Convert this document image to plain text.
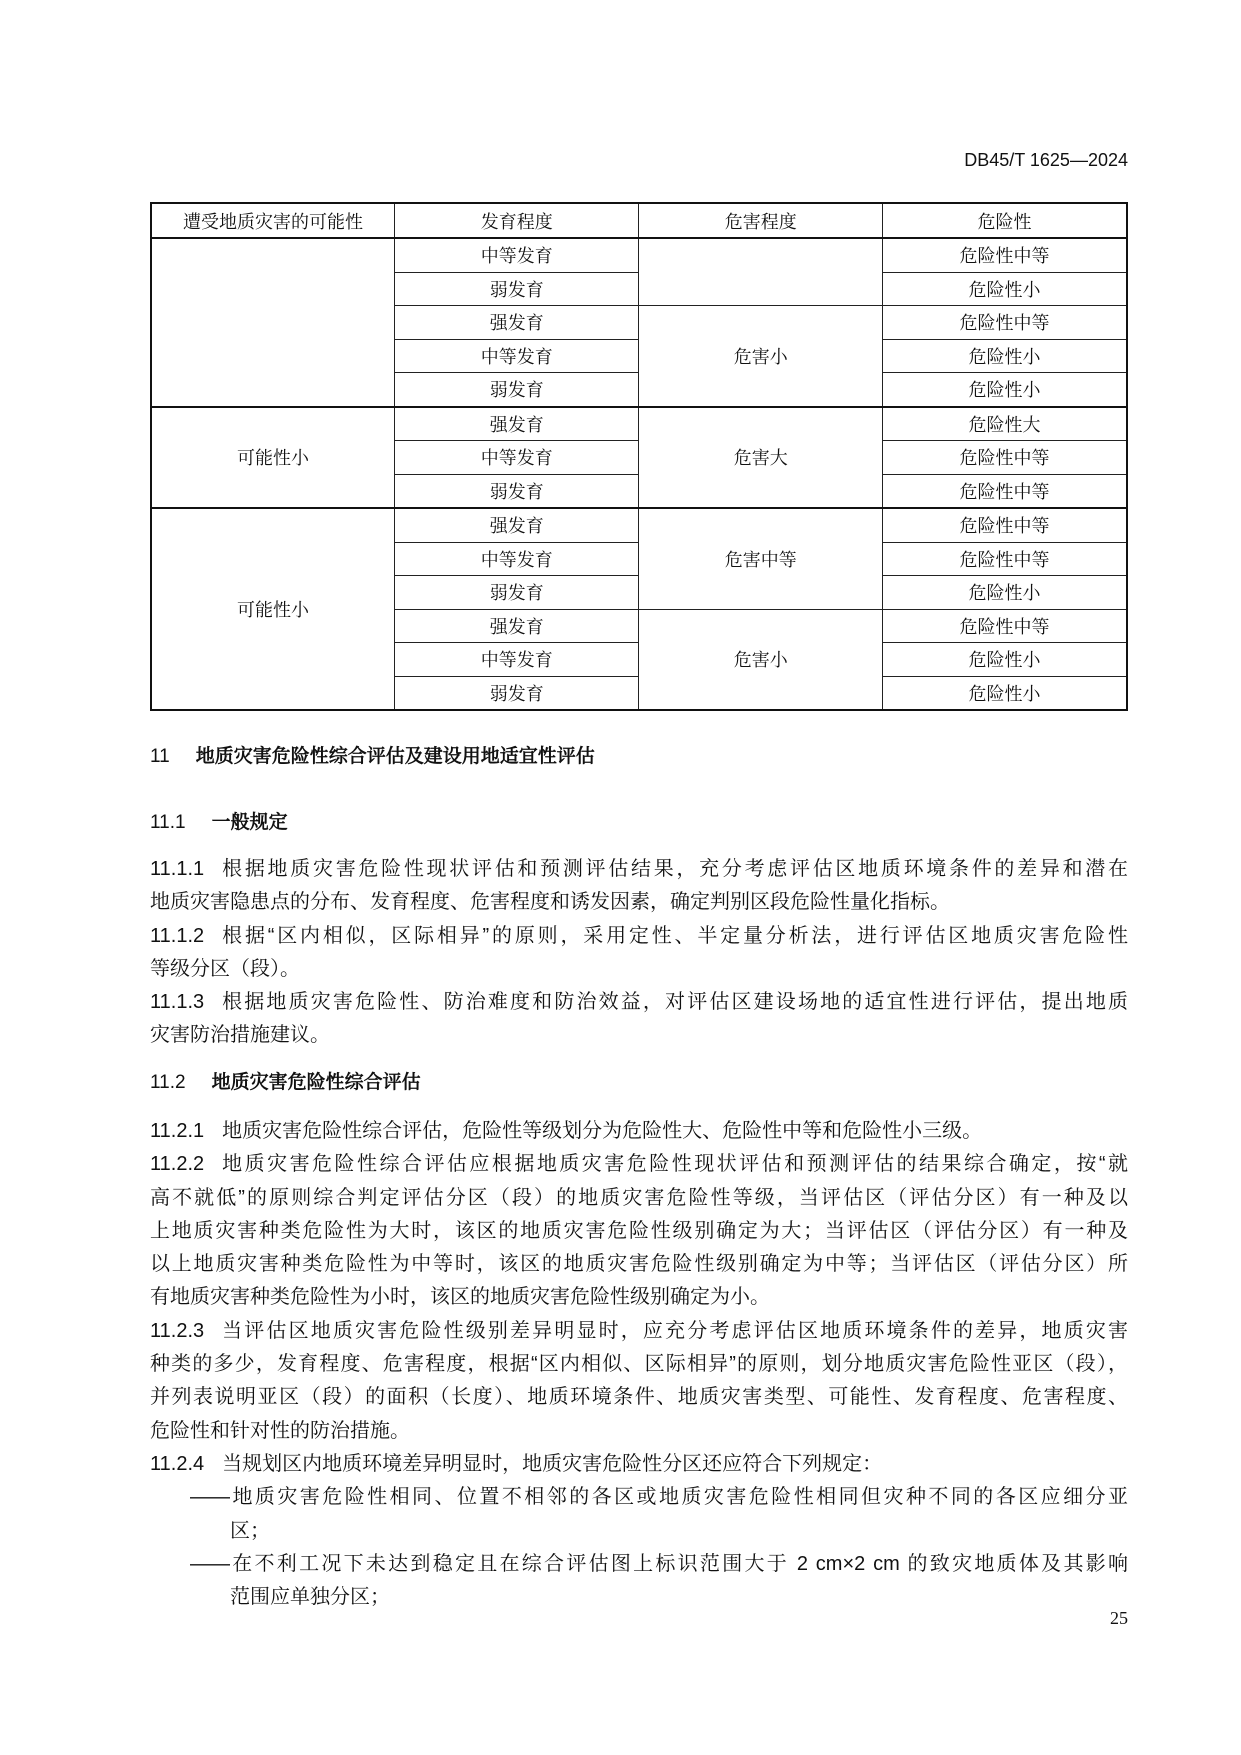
DB45/T 1625—2024
遭受地质灾害的可能性	发育程度	危害程度	危险性
	中等发育		危险性中等
	弱发育		危险性小
	强发育	危害小	危险性中等
	中等发育		危险性小
	弱发育		危险性小
可能性小	强发育	危害大	危险性大
	中等发育		危险性中等
	弱发育		危险性中等
可能性小	强发育	危害中等	危险性中等
	中等发育		危险性中等
	弱发育		危险性小
	强发育	危害小	危险性中等
	中等发育		危险性小
	弱发育		危险性小
11 地质灾害危险性综合评估及建设用地适宜性评估
11.1 一般规定
11.1.1 根据地质灾害危险性现状评估和预测评估结果，充分考虑评估区地质环境条件的差异和潜在
地质灾害隐患点的分布、发育程度、危害程度和诱发因素，确定判别区段危险性量化指标。
11.1.2 根据“区内相似，区际相异”的原则，采用定性、半定量分析法，进行评估区地质灾害危险性
等级分区（段）。
11.1.3 根据地质灾害危险性、防治难度和防治效益，对评估区建设场地的适宜性进行评估，提出地质
灾害防治措施建议。
11.2 地质灾害危险性综合评估
11.2.1 地质灾害危险性综合评估，危险性等级划分为危险性大、危险性中等和危险性小三级。
11.2.2 地质灾害危险性综合评估应根据地质灾害危险性现状评估和预测评估的结果综合确定，按“就
高不就低”的原则综合判定评估分区（段）的地质灾害危险性等级，当评估区（评估分区）有一种及以
上地质灾害种类危险性为大时，该区的地质灾害危险性级别确定为大；当评估区（评估分区）有一种及
以上地质灾害种类危险性为中等时，该区的地质灾害危险性级别确定为中等；当评估区（评估分区）所
有地质灾害种类危险性为小时，该区的地质灾害危险性级别确定为小。
11.2.3 当评估区地质灾害危险性级别差异明显时，应充分考虑评估区地质环境条件的差异，地质灾害
种类的多少，发育程度、危害程度，根据“区内相似、区际相异”的原则，划分地质灾害危险性亚区（段），
并列表说明亚区（段）的面积（长度）、地质环境条件、地质灾害类型、可能性、发育程度、危害程度、
危险性和针对性的防治措施。
11.2.4 当规划区内地质环境差异明显时，地质灾害危险性分区还应符合下列规定：
——地质灾害危险性相同、位置不相邻的各区或地质灾害危险性相同但灾种不同的各区应细分亚
区；
——在不利工况下未达到稳定且在综合评估图上标识范围大于 2 cm×2 cm 的致灾地质体及其影响
范围应单独分区；
25
